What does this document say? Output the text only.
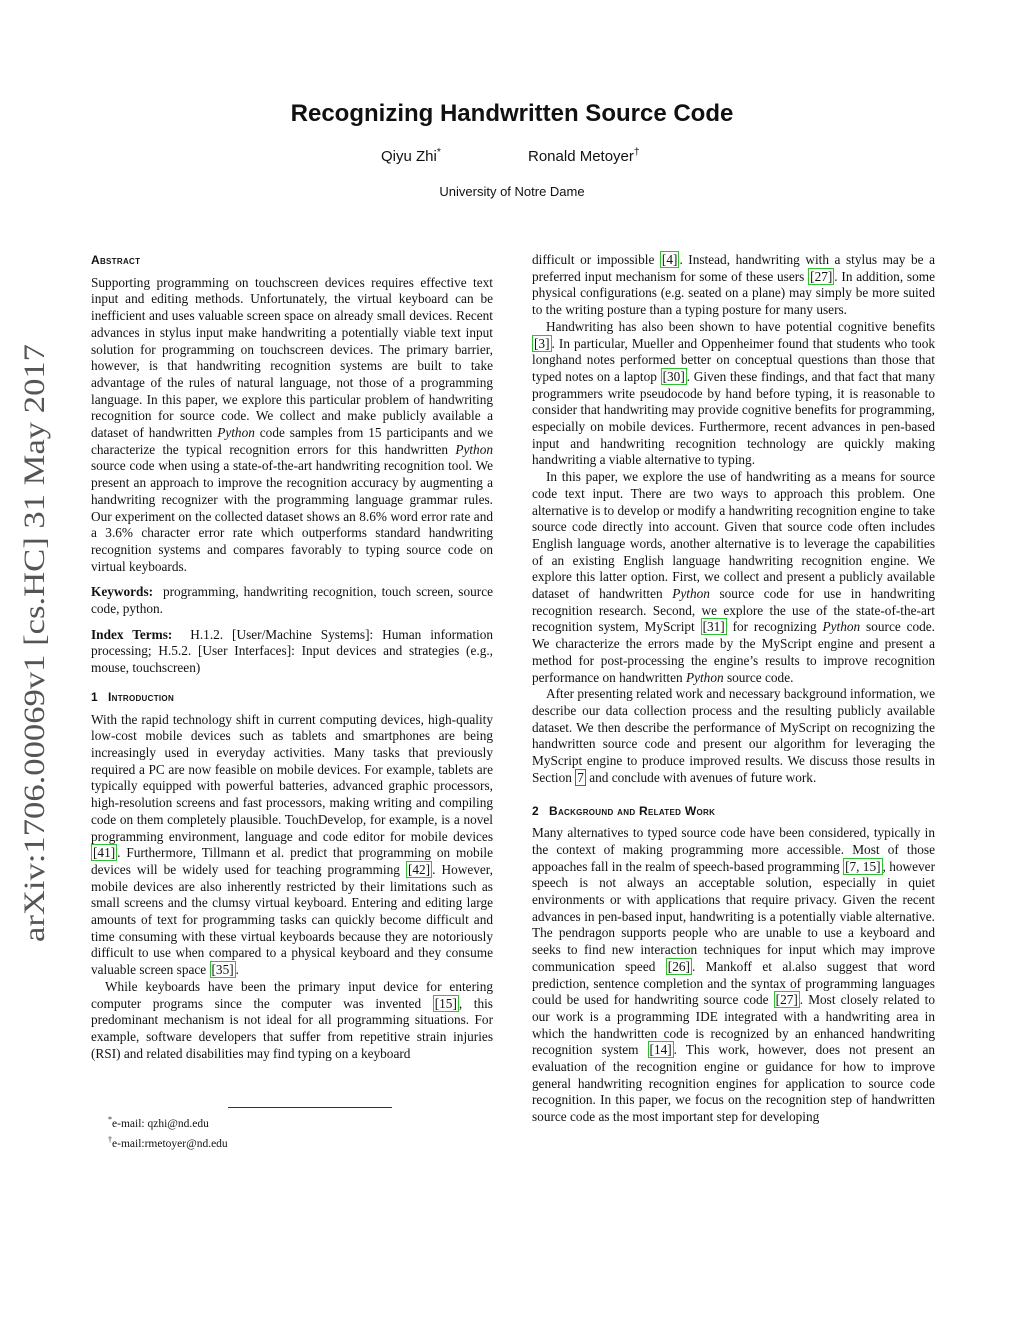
arXiv:1706.00069v1 [cs.HC] 31 May 2017
Recognizing Handwritten Source Code
Qiyu Zhi*	Ronald Metoyer†
University of Notre Dame
Abstract

Supporting programming on touchscreen devices requires effective text input and editing methods. Unfortunately, the virtual keyboard can be inefficient and uses valuable screen space on already small devices. Recent advances in stylus input make handwriting a potentially viable text input solution for programming on touchscreen devices. The primary barrier, however, is that handwriting recognition systems are built to take advantage of the rules of natural language, not those of a programming language. In this paper, we explore this particular problem of handwriting recognition for source code. We collect and make publicly available a dataset of handwritten Python code samples from 15 participants and we characterize the typical recognition errors for this handwritten Python source code when using a state-of-the-art handwriting recognition tool. We present an approach to improve the recognition accuracy by augmenting a handwriting recognizer with the programming language grammar rules. Our experiment on the collected dataset shows an 8.6% word error rate and a 3.6% character error rate which outperforms standard handwriting recognition systems and compares favorably to typing source code on virtual keyboards.

Keywords: programming, handwriting recognition, touch screen, source code, python.

Index Terms: H.1.2. [User/Machine Systems]: Human information processing; H.5.2. [User Interfaces]: Input devices and strategies (e.g., mouse, touchscreen)

1 Introduction

With the rapid technology shift in current computing devices, high-quality low-cost mobile devices such as tablets and smartphones are being increasingly used in everyday activities. Many tasks that previously required a PC are now feasible on mobile devices. For example, tablets are typically equipped with powerful batteries, advanced graphic processors, high-resolution screens and fast processors, making writing and compiling code on them completely plausible. TouchDevelop, for example, is a novel programming environment, language and code editor for mobile devices [41] . Furthermore, Tillmann et al. predict that programming on mobile devices will be widely used for teaching programming [42] . However, mobile devices are also inherently restricted by their limitations such as small screens and the clumsy virtual keyboard. Entering and editing large amounts of text for programming tasks can quickly become difficult and time consuming with these virtual keyboards because they are notoriously difficult to use when compared to a physical keyboard and they consume valuable screen space [35] .

While keyboards have been the primary input device for entering computer programs since the computer was invented [15] , this predominant mechanism is not ideal for all programming situations. For example, software developers that suffer from repetitive strain injuries (RSI) and related disabilities may find typing on a keyboard

*e-mail: qzhi@nd.edu
†e-mail:rmetoyer@nd.edu

difficult or impossible [4] . Instead, handwriting with a stylus may be a preferred input mechanism for some of these users [27] . In addition, some physical configurations (e.g. seated on a plane) may simply be more suited to the writing posture than a typing posture for many users.

Handwriting has also been shown to have potential cognitive benefits [3] . In particular, Mueller and Oppenheimer found that students who took longhand notes performed better on conceptual questions than those that typed notes on a laptop [30] . Given these findings, and that fact that many programmers write pseudocode by hand before typing, it is reasonable to consider that handwriting may provide cognitive benefits for programming, especially on mobile devices. Furthermore, recent advances in pen-based input and handwriting recognition technology are quickly making handwriting a viable alternative to typing.

In this paper, we explore the use of handwriting as a means for source code text input. There are two ways to approach this problem. One alternative is to develop or modify a handwriting recognition engine to take source code directly into account. Given that source code often includes English language words, another alternative is to leverage the capabilities of an existing English language handwriting recognition engine. We explore this latter option. First, we collect and present a publicly available dataset of handwritten Python source code for use in handwriting recognition research. Second, we explore the use of the state-of-the-art recognition system, MyScript [31] for recognizing Python source code. We characterize the errors made by the MyScript engine and present a method for post-processing the engine’s results to improve recognition performance on handwritten Python source code.

After presenting related work and necessary background information, we describe our data collection process and the resulting publicly available dataset. We then describe the performance of MyScript on recognizing the handwritten source code and present our algorithm for leveraging the MyScript engine to produce improved results. We discuss those results in Section 7 and conclude with avenues of future work.

2 Background and Related Work

Many alternatives to typed source code have been considered, typically in the context of making programming more accessible. Most of those appoaches fall in the realm of speech-based programming [7, 15] , however speech is not always an acceptable solution, especially in quiet environments or with applications that require privacy. Given the recent advances in pen-based input, handwriting is a potentially viable alternative. The pendragon supports people who are unable to use a keyboard and seeks to find new interaction techniques for input which may improve communication speed [26] . Mankoff et al.also suggest that word prediction, sentence completion and the syntax of programming languages could be used for handwriting source code [27] . Most closely related to our work is a programming IDE integrated with a handwriting area in which the handwritten code is recognized by an enhanced handwriting recognition system [14] . This work, however, does not present an evaluation of the recognition engine or guidance for how to improve general handwriting recognition engines for application to source code recognition. In this paper, we focus on the recognition step of handwritten source code as the most important step for developing
